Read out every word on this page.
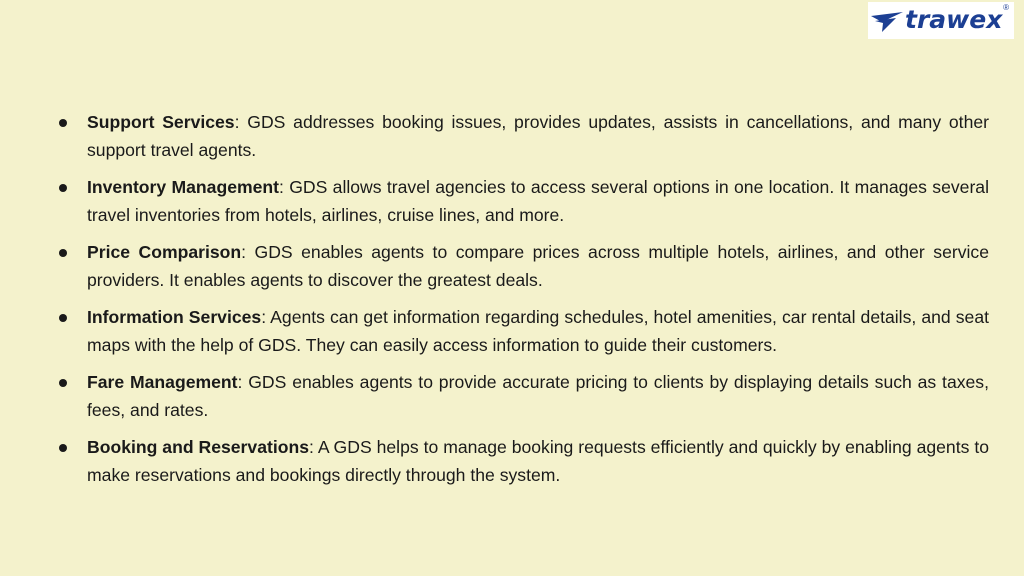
trawex ®
Support Services: GDS addresses booking issues, provides updates, assists in cancellations, and many other support travel agents.
Inventory Management: GDS allows travel agencies to access several options in one location. It manages several travel inventories from hotels, airlines, cruise lines, and more.
Price Comparison: GDS enables agents to compare prices across multiple hotels, airlines, and other service providers. It enables agents to discover the greatest deals.
Information Services: Agents can get information regarding schedules, hotel amenities, car rental details, and seat maps with the help of GDS. They can easily access information to guide their customers.
Fare Management: GDS enables agents to provide accurate pricing to clients by displaying details such as taxes, fees, and rates.
Booking and Reservations: A GDS helps to manage booking requests efficiently and quickly by enabling agents to make reservations and bookings directly through the system.
